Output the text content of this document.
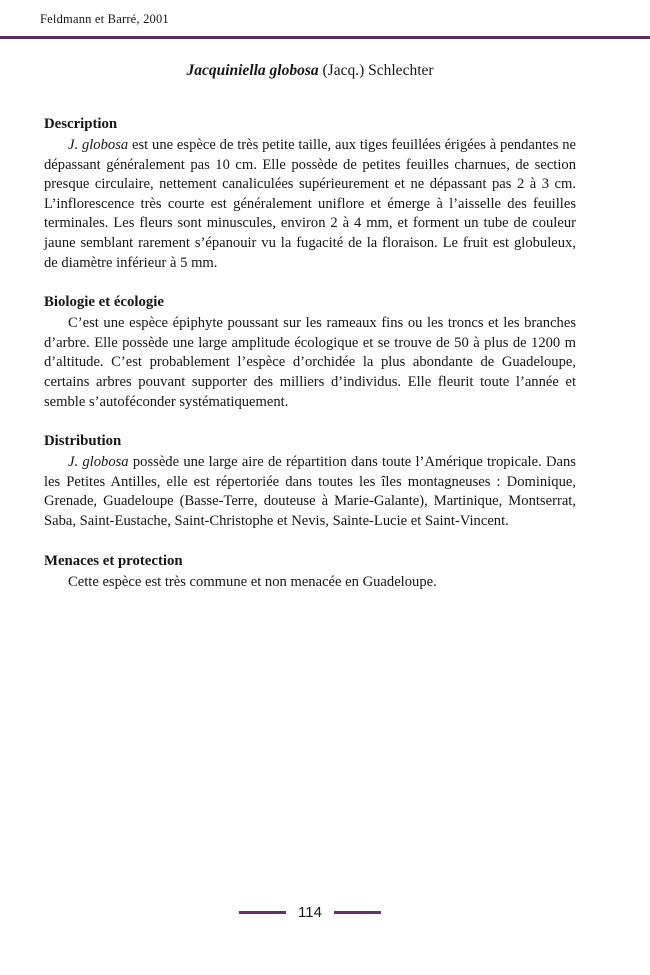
Feldmann et Barré, 2001
Jacquiniella globosa (Jacq.) Schlechter
Description

J. globosa est une espèce de très petite taille, aux tiges feuillées érigées à pendantes ne dépassant généralement pas 10 cm. Elle possède de petites feuilles charnues, de section presque circulaire, nettement canaliculées supérieurement et ne dépassant pas 2 à 3 cm. L’inflorescence très courte est généralement uniflore et émerge à l’aisselle des feuilles terminales. Les fleurs sont minuscules, environ 2 à 4 mm, et forment un tube de couleur jaune semblant rarement s’épanouir vu la fugacité de la floraison. Le fruit est globuleux, de diamètre inférieur à 5 mm.

Biologie et écologie

C’est une espèce épiphyte poussant sur les rameaux fins ou les troncs et les branches d’arbre. Elle possède une large amplitude écologique et se trouve de 50 à plus de 1200 m d’altitude. C’est probablement l’espèce d’orchidée la plus abondante de Guadeloupe, certains arbres pouvant supporter des milliers d’individus. Elle fleurit toute l’année et semble s’autoféconder systématiquement.

Distribution

J. globosa possède une large aire de répartition dans toute l’Amérique tropicale. Dans les Petites Antilles, elle est répertoriée dans toutes les îles montagneuses : Dominique, Grenade, Guadeloupe (Basse-Terre, douteuse à Marie-Galante), Martinique, Montserrat, Saba, Saint-Eustache, Saint-Christophe et Nevis, Sainte-Lucie et Saint-Vincent.

Menaces et protection

Cette espèce est très commune et non menacée en Guadeloupe.

114
